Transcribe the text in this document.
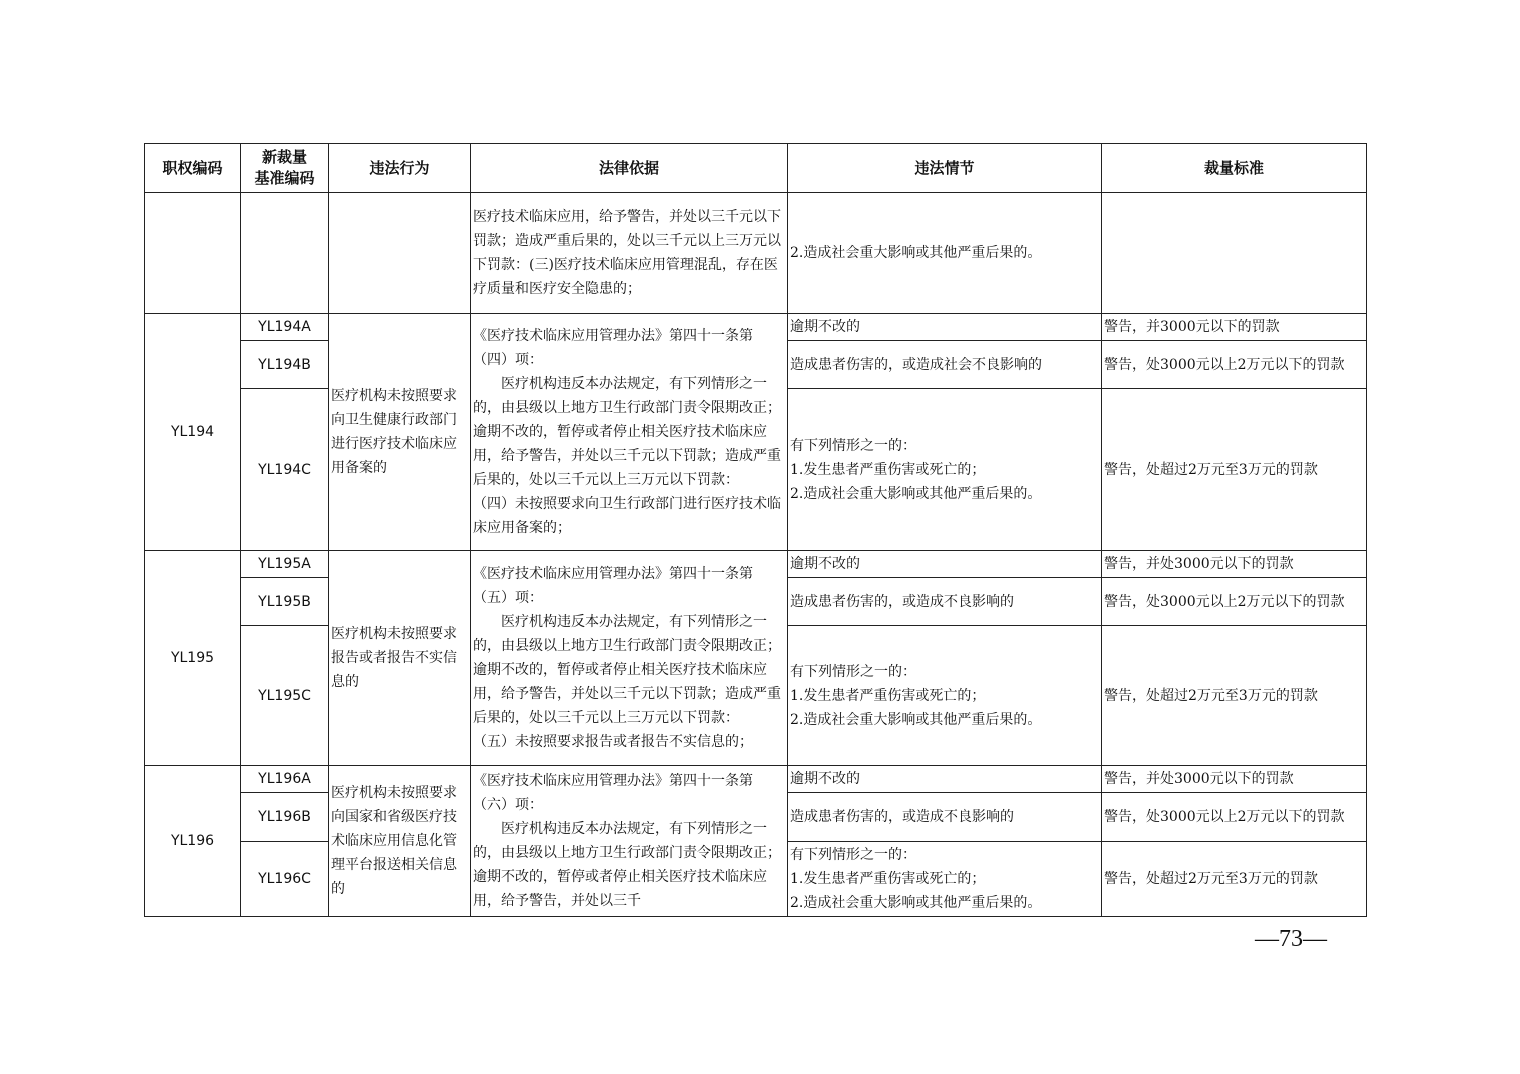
职权编码	新裁量
基准编码	违法行为	法律依据	违法情节	裁量标准
			医疗技术临床应用，给予警告，并处以三千元以下罚款；造成严重后果的，处以三千元以上三万元以下罚款：(三)医疗技术临床应用管理混乱，存在医疗质量和医疗安全隐患的；	2.造成社会重大影响或其他严重后果的。	
YL194	YL194A	医疗机构未按照要求向卫生健康行政部门进行医疗技术临床应用备案的	《医疗技术临床应用管理办法》第四十一条第（四）项：
医疗机构违反本办法规定，有下列情形之一的，由县级以上地方卫生行政部门责令限期改正；逾期不改的，暂停或者停止相关医疗技术临床应用，给予警告，并处以三千元以下罚款；造成严重后果的，处以三千元以上三万元以下罚款：
（四）未按照要求向卫生行政部门进行医疗技术临床应用备案的；	逾期不改的	警告，并3000元以下的罚款
	YL194B			造成患者伤害的，或造成社会不良影响的	警告，处3000元以上2万元以下的罚款
	YL194C			有下列情形之一的：
1.发生患者严重伤害或死亡的；
2.造成社会重大影响或其他严重后果的。	警告，处超过2万元至3万元的罚款
YL195	YL195A	医疗机构未按照要求报告或者报告不实信息的	《医疗技术临床应用管理办法》第四十一条第（五）项：
医疗机构违反本办法规定，有下列情形之一的，由县级以上地方卫生行政部门责令限期改正；逾期不改的，暂停或者停止相关医疗技术临床应用，给予警告，并处以三千元以下罚款；造成严重后果的，处以三千元以上三万元以下罚款：
（五）未按照要求报告或者报告不实信息的；	逾期不改的	警告，并处3000元以下的罚款
	YL195B			造成患者伤害的，或造成不良影响的	警告，处3000元以上2万元以下的罚款
	YL195C			有下列情形之一的：
1.发生患者严重伤害或死亡的；
2.造成社会重大影响或其他严重后果的。	警告，处超过2万元至3万元的罚款
YL196	YL196A	医疗机构未按照要求向国家和省级医疗技术临床应用信息化管理平台报送相关信息的	《医疗技术临床应用管理办法》第四十一条第（六）项：
医疗机构违反本办法规定，有下列情形之一的，由县级以上地方卫生行政部门责令限期改正；逾期不改的，暂停或者停止相关医疗技术临床应用，给予警告，并处以三千	逾期不改的	警告，并处3000元以下的罚款
	YL196B			造成患者伤害的，或造成不良影响的	警告，处3000元以上2万元以下的罚款
	YL196C			有下列情形之一的：
1.发生患者严重伤害或死亡的；
2.造成社会重大影响或其他严重后果的。	警告，处超过2万元至3万元的罚款
—73—
